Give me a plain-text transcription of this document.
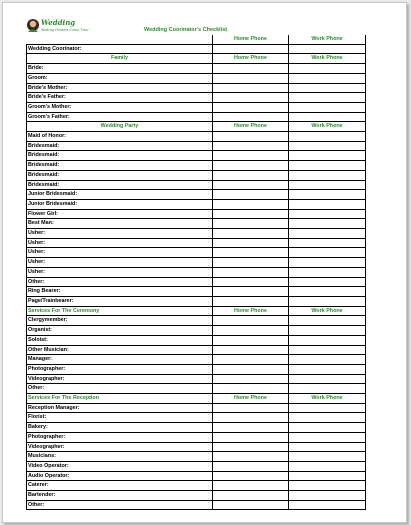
Wedding
Making Dreams Come True	Wedding Coorinator's Checklist
	Home Phone	Work Phone
Wedding Coorinator:		
Family	Home Phone	Work Phone
Bride:		
Groom:		
Bride's Mother:		
Bride's Father:		
Groom's Mother:		
Groom's Father:		
Wedding Party	Home Phone	Work Phone
Maid of Honor:		
Bridesmaid:		
Bridesmaid:		
Bridesmaid:		
Bridesmaid:		
Bridesmaid:		
Junior Bridesmaid:		
Junior Bridesmaid:		
Flower Girl:		
Best Man:		
Usher:		
Usher:		
Usher:		
Usher:		
Usher:		
Other:		
Ring Bearer:		
Page/Trainbearer:		
Services For The Ceremony	Home Phone	Work Phone
Clergymember:		
Organist:		
Soloist:		
Other Musician:		
Manager:		
Photographer:		
Videographer:		
Other:		
Services For The Reception	Home Phone	Work Phone
Reception Manager:		
Florist:		
Bakery:		
Photographer:		
Videographer:		
Musicians:		
Video Operator:		
Audio Operator:		
Caterer:		
Bartender:		
Other:		
